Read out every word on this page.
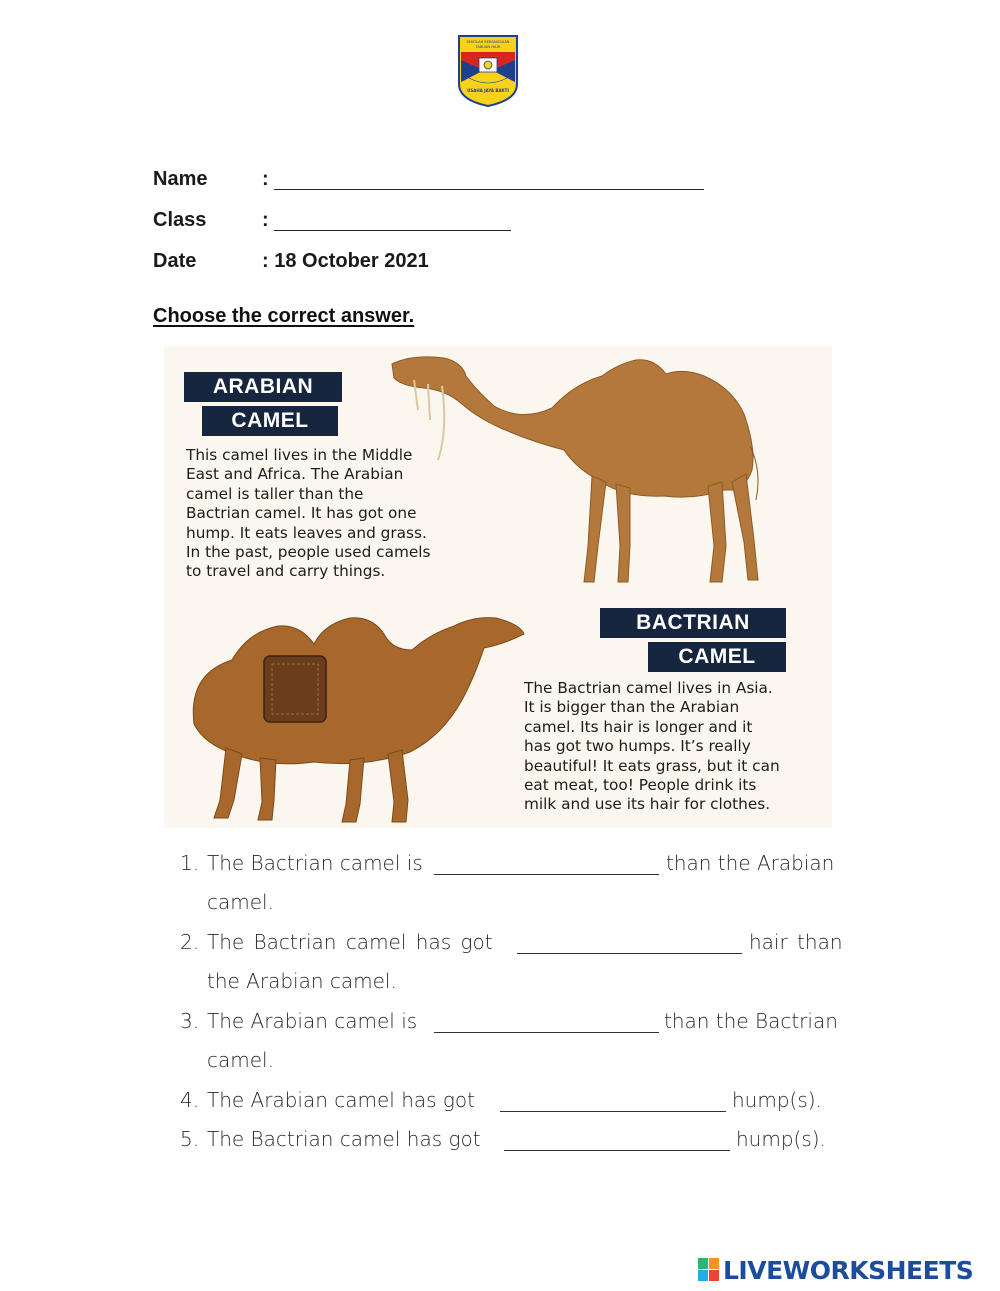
SEKOLAH KEBANGSAAN
TABUAN HILIR
USAHA JAYA BAKTI
Name	:
Class	:
Date	: 18 October 2021
Choose the correct answer.
ARABIAN
CAMEL
This camel lives in the Middle
East and Africa. The Arabian
camel is taller than the
Bactrian camel. It has got one
hump. It eats leaves and grass.
In the past, people used camels
to travel and carry things.
BACTRIAN
CAMEL
The Bactrian camel lives in Asia.
It is bigger than the Arabian
camel. Its hair is longer and it
has got two humps. It’s really
beautiful! It eats grass, but it can
eat meat, too! People drink its
milk and use its hair for clothes.
1. The Bactrian camel is	than the Arabian
camel.
2. The Bactrian camel has got	hair than
the Arabian camel.
3. The Arabian camel is	than the Bactrian
camel.
4. The Arabian camel has got	hump(s).
5. The Bactrian camel has got	hump(s).
LIVEWORKSHEETS
